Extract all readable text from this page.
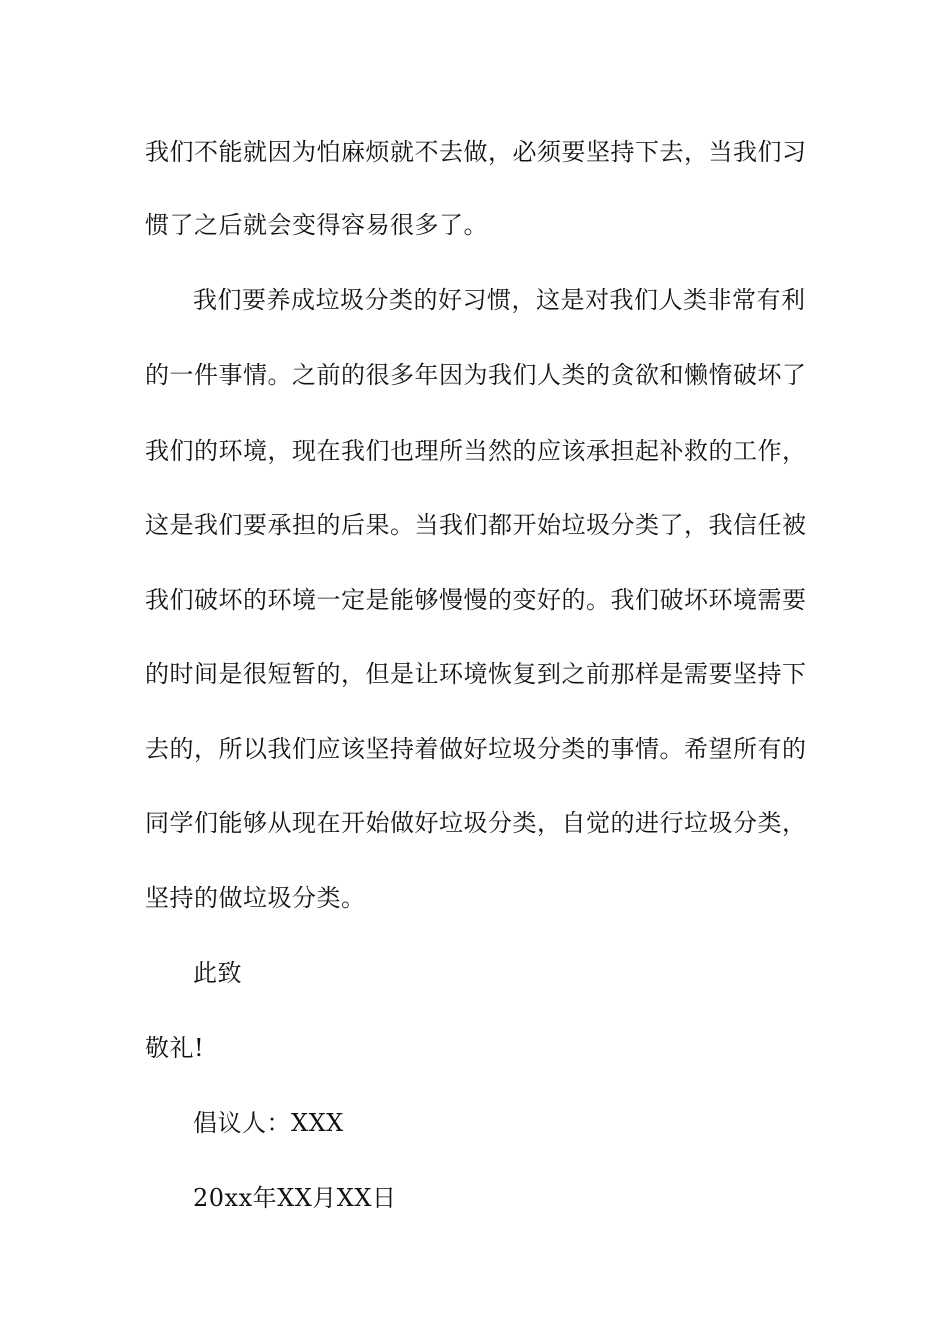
我们不能就因为怕麻烦就不去做，必须要坚持下去，当我们习
惯了之后就会变得容易很多了。
我们要养成垃圾分类的好习惯，这是对我们人类非常有利
的一件事情。之前的很多年因为我们人类的贪欲和懒惰破坏了
我们的环境，现在我们也理所当然的应该承担起补救的工作，
这是我们要承担的后果。当我们都开始垃圾分类了，我信任被
我们破坏的环境一定是能够慢慢的变好的。我们破坏环境需要
的时间是很短暂的，但是让环境恢复到之前那样是需要坚持下
去的，所以我们应该坚持着做好垃圾分类的事情。希望所有的
同学们能够从现在开始做好垃圾分类，自觉的进行垃圾分类，
坚持的做垃圾分类。
此致
敬礼!
倡议人：XXX
20xx年XX月XX日
